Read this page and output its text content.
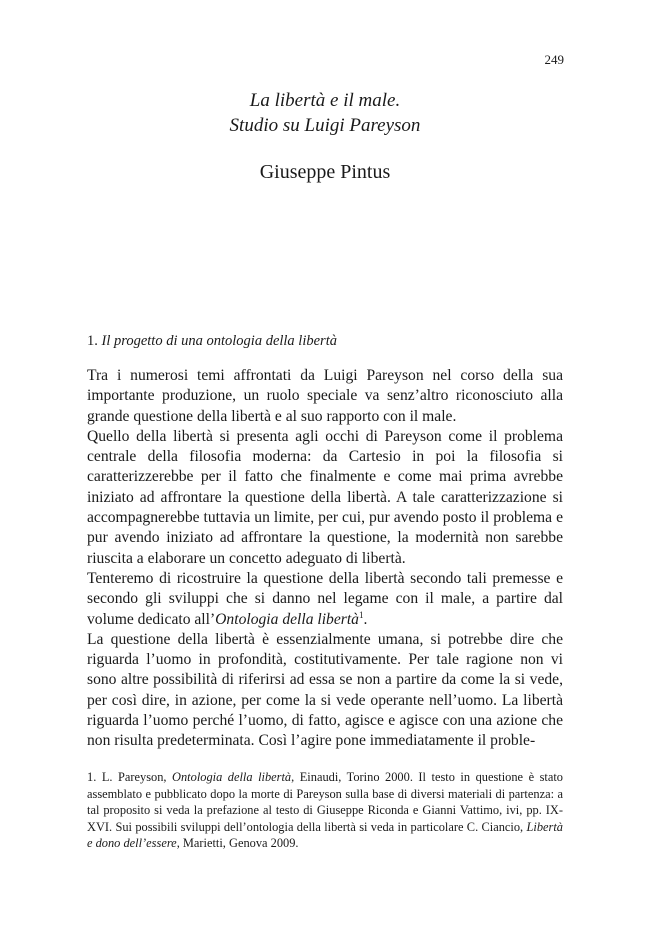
249
La libertà e il male.
Studio su Luigi Pareyson
Giuseppe Pintus
1. Il progetto di una ontologia della libertà

Tra i numerosi temi affrontati da Luigi Pareyson nel corso della sua importante produzione, un ruolo speciale va senz’altro riconosciuto alla grande questione della libertà e al suo rapporto con il male.

Quello della libertà si presenta agli occhi di Pareyson come il problema centrale della filosofia moderna: da Cartesio in poi la filosofia si caratterizzerebbe per il fatto che finalmente e come mai prima avrebbe iniziato ad affrontare la questione della libertà. A tale caratterizzazione si accompagnerebbe tuttavia un limite, per cui, pur avendo posto il problema e pur avendo iniziato ad affrontare la questione, la modernità non sarebbe riuscita a elaborare un concetto adeguato di libertà.

Tenteremo di ricostruire la questione della libertà secondo tali premesse e secondo gli sviluppi che si danno nel legame con il male, a partire dal volume dedicato all’Ontologia della libertà$^1$.

La questione della libertà è essenzialmente umana, si potrebbe dire che riguarda l’uomo in profondità, costitutivamente. Per tale ragione non vi sono altre possibilità di riferirsi ad essa se non a partire da come la si vede, per così dire, in azione, per come la si vede operante nell’uomo. La libertà riguarda l’uomo perché l’uomo, di fatto, agisce e agisce con una azione che non risulta predeterminata. Così l’agire pone immediatamente il proble-

1. L. Pareyson, Ontologia della libertà, Einaudi, Torino 2000. Il testo in questione è stato assemblato e pubblicato dopo la morte di Pareyson sulla base di diversi materiali di partenza: a tal proposito si veda la prefazione al testo di Giuseppe Riconda e Gianni Vattimo, ivi, pp. IX-XVI. Sui possibili sviluppi dell’ontologia della libertà si veda in particolare C. Ciancio, Libertà e dono dell’essere, Marietti, Genova 2009.
